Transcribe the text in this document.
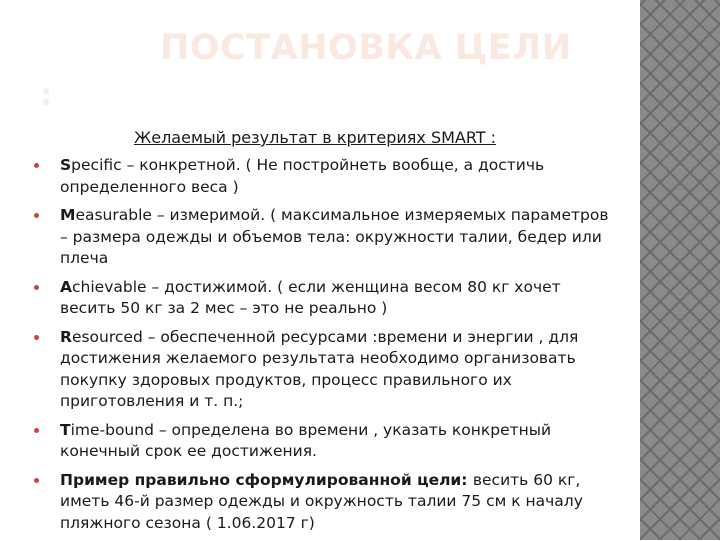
ПОСТАНОВКА ЦЕЛИ
:
Желаемый результат в критериях SMART :
Specific – конкретной. ( Не постройнеть вообще, а достичь определенного веса )
Measurable – измеримой. ( максимальное измеряемых параметров – размера одежды и объемов тела: окружности талии, бедер или плеча
Achievable – достижимой. ( если женщина весом 80 кг хочет весить 50 кг за 2 мес – это не реально )
Resourced – обеспеченной ресурсами :времени и энергии , для достижения желаемого результата необходимо организовать покупку здоровых продуктов, процесс правильного их приготовления и т. п.;
Time-bound – определена во времени , указать конкретный конечный срок ее достижения.
Пример правильно сформулированной цели: весить 60 кг, иметь 46-й размер одежды и окружность талии 75 см к началу пляжного сезона ( 1.06.2017 г)
